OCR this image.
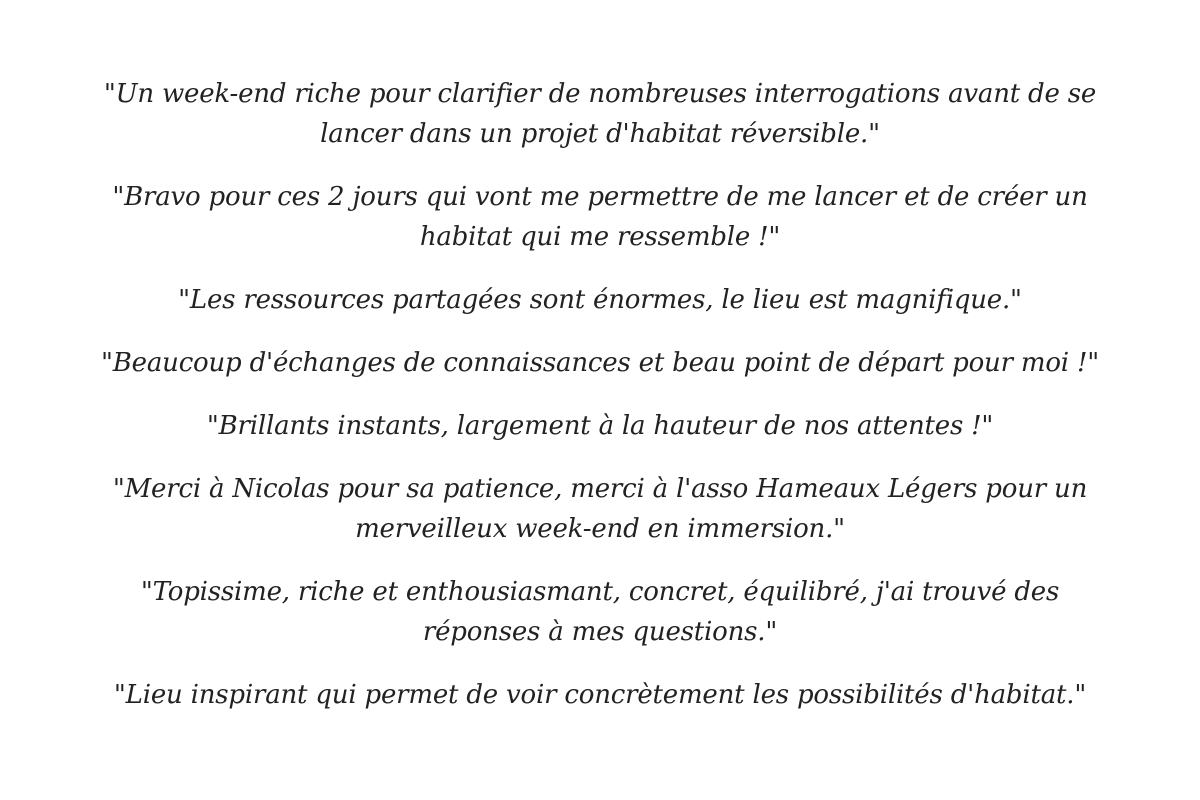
"Un week-end riche pour clarifier de nombreuses interrogations avant de se lancer dans un projet d'habitat réversible."

"Bravo pour ces 2 jours qui vont me permettre de me lancer et de créer un habitat qui me ressemble !"

"Les ressources partagées sont énormes, le lieu est magnifique."

"Beaucoup d'échanges de connaissances et beau point de départ pour moi !"

"Brillants instants, largement à la hauteur de nos attentes !"

"Merci à Nicolas pour sa patience, merci à l'asso Hameaux Légers pour un merveilleux week-end en immersion."

"Topissime, riche et enthousiasmant, concret, équilibré, j'ai trouvé des réponses à mes questions."

"Lieu inspirant qui permet de voir concrètement les possibilités d'habitat."
